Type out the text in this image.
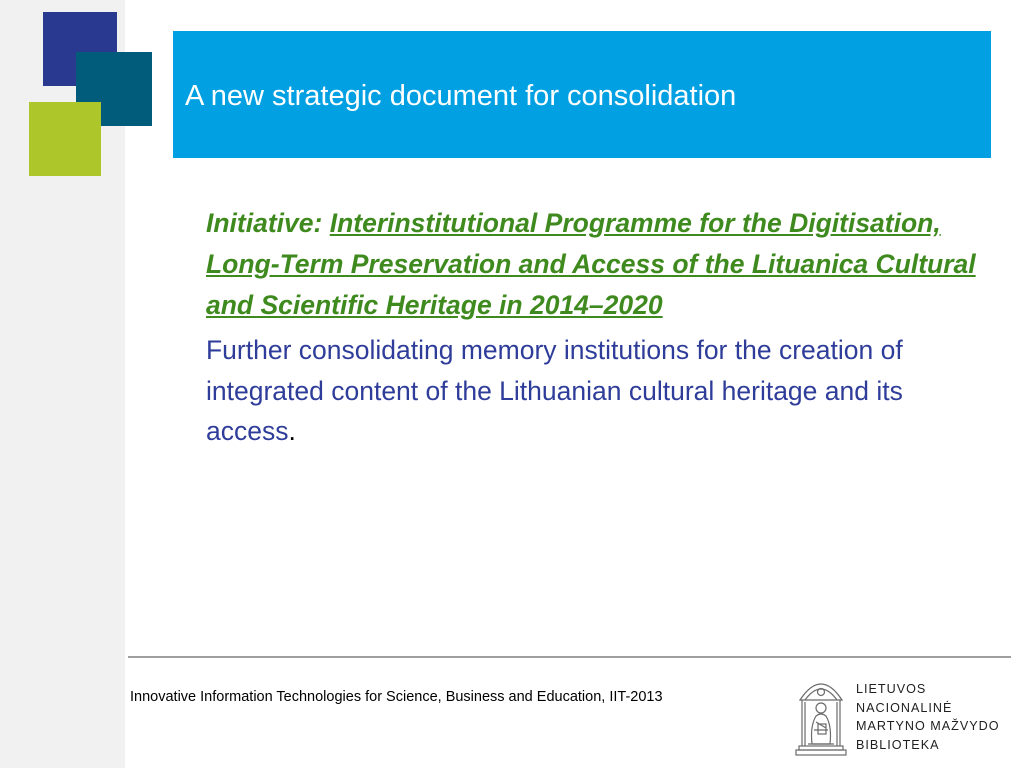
A new strategic document for consolidation

Initiative: Interinstitutional Programme for the Digitisation, Long-Term Preservation and Access of the Lituanica Cultural and Scientific Heritage in 2014–2020

Further consolidating memory institutions for the creation of integrated content of the Lithuanian cultural heritage and its access.

Innovative Information Technologies for Science, Business and Education, IIT-2013	LIETUVOS
NACIONALINĖ
MARTYNO MAŽVYDO
BIBLIOTEKA
